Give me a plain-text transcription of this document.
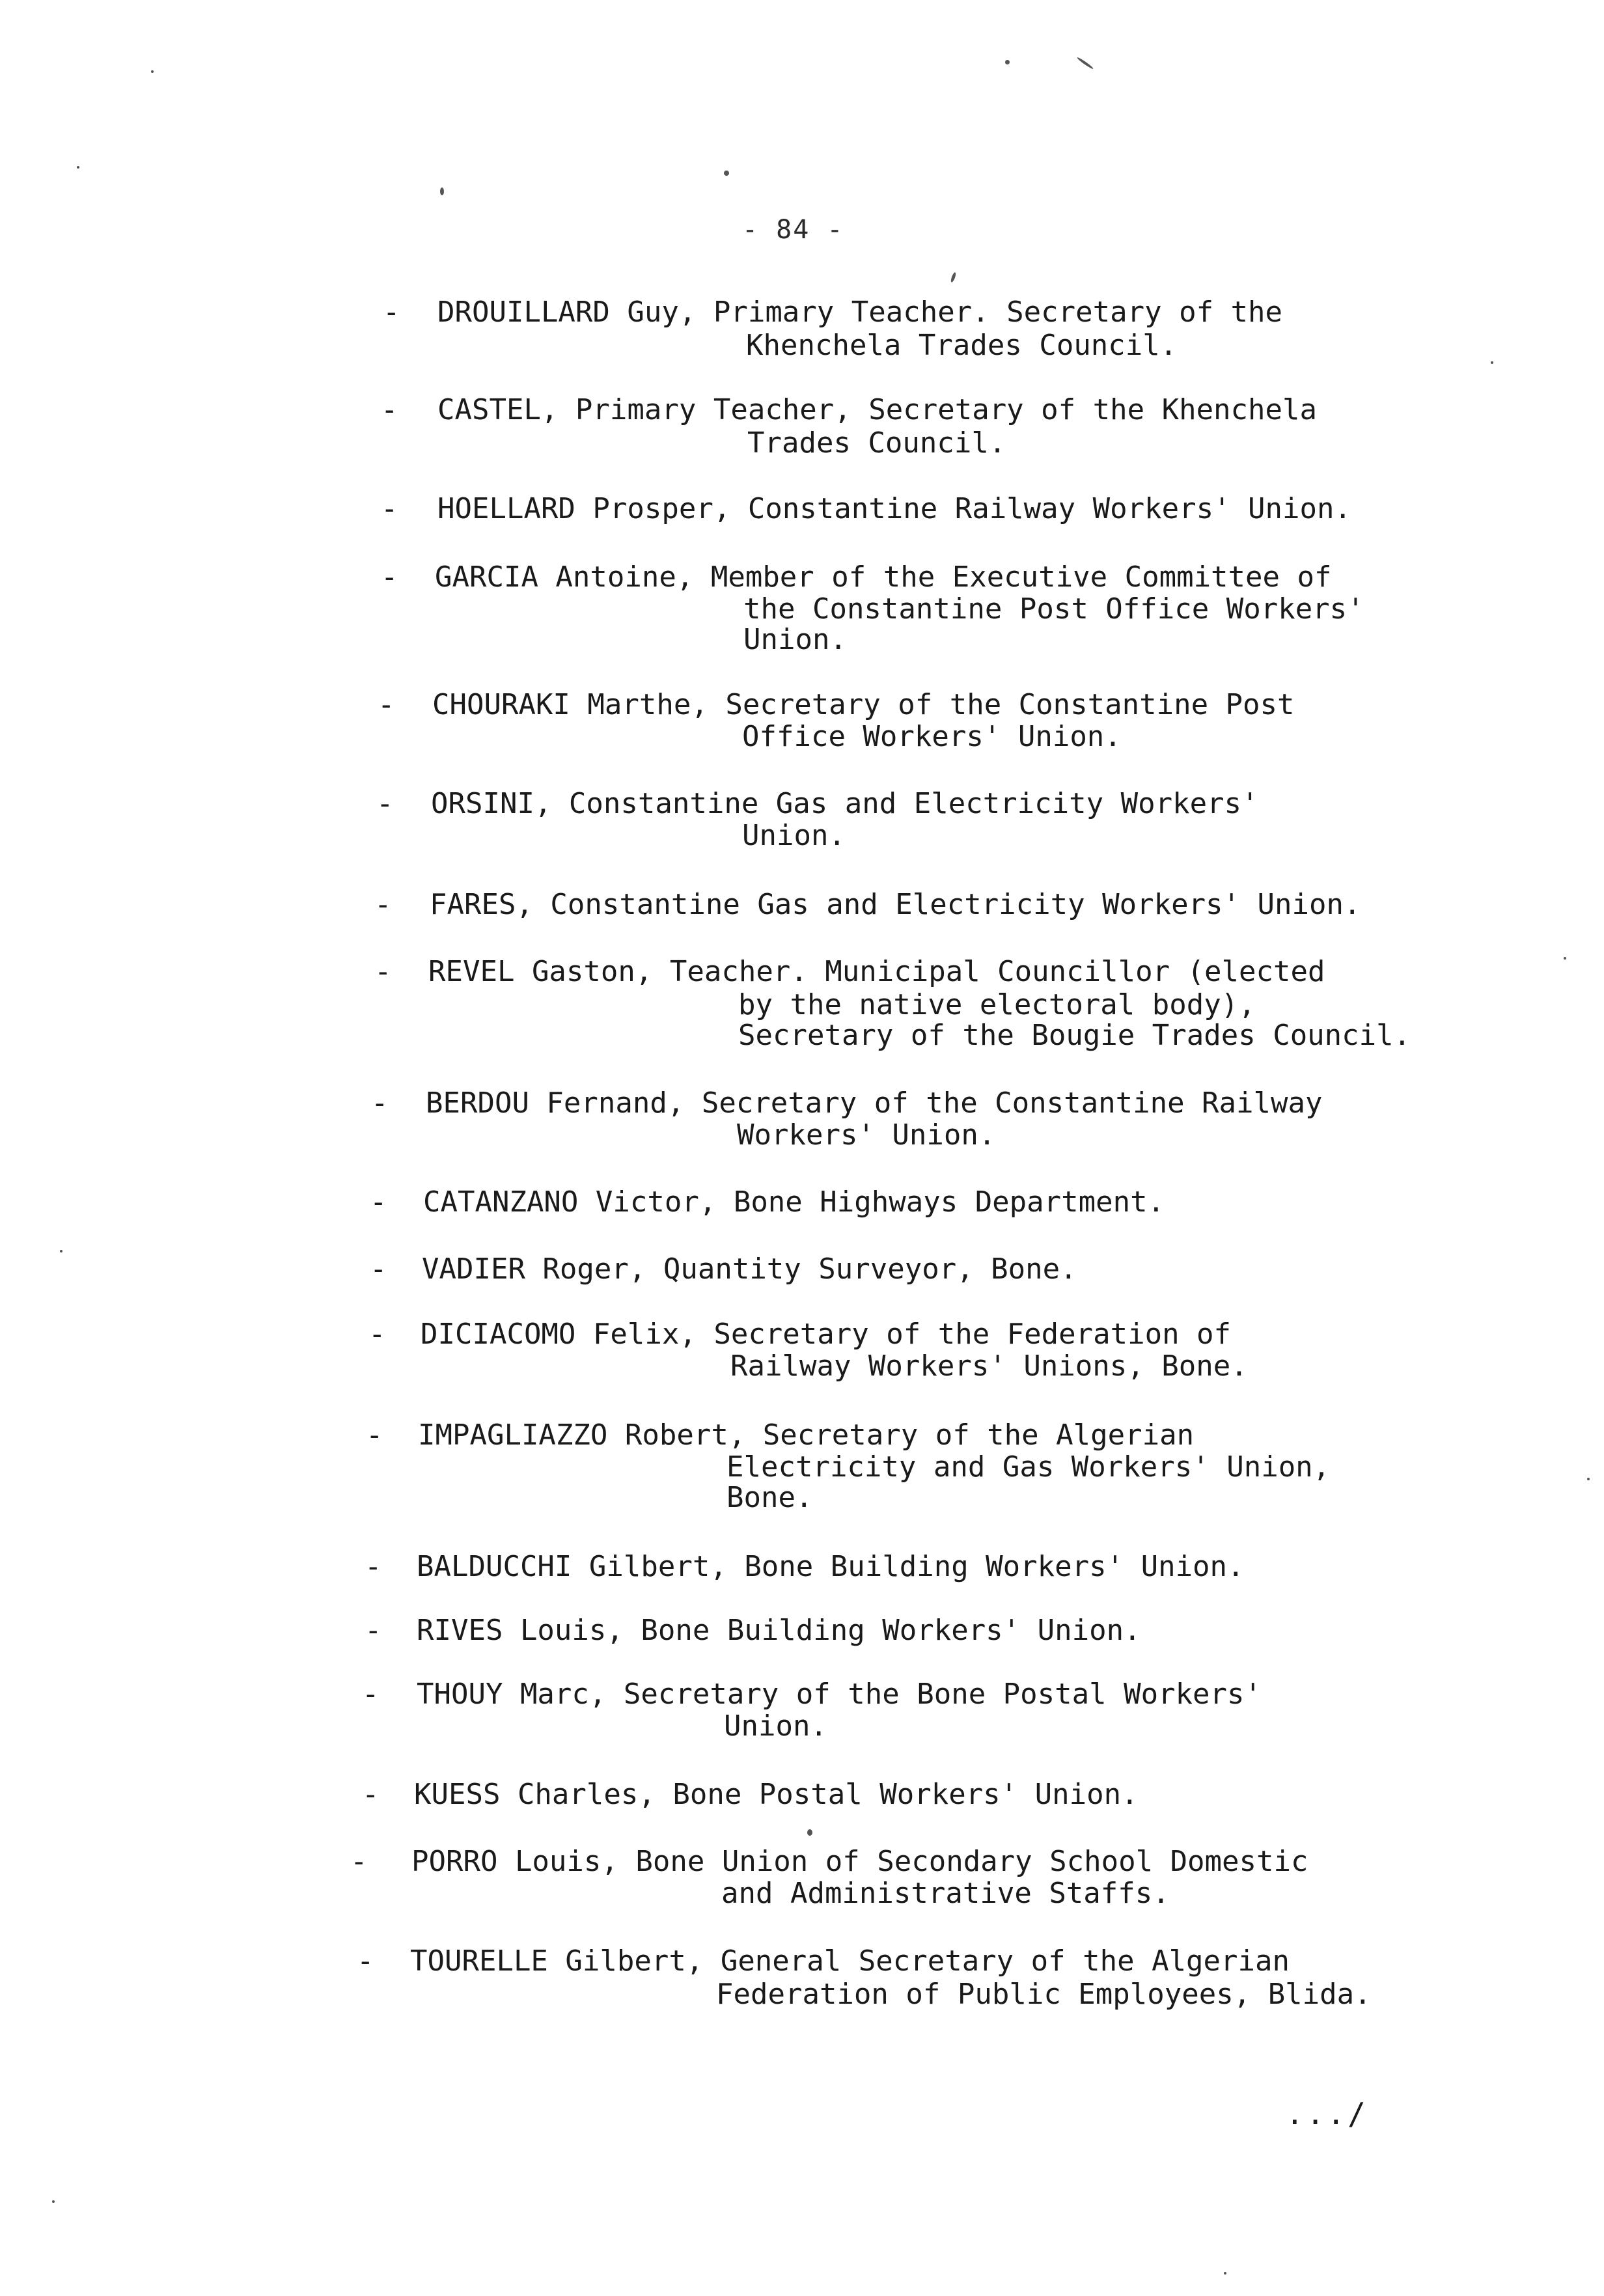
- 84 -
- DROUILLARD Guy, Primary Teacher. Secretary of the
Khenchela Trades Council.
- CASTEL, Primary Teacher, Secretary of the Khenchela
Trades Council.
- HOELLARD Prosper, Constantine Railway Workers' Union.
- GARCIA Antoine, Member of the Executive Committee of
the Constantine Post Office Workers'
Union.
- CHOURAKI Marthe, Secretary of the Constantine Post
Office Workers' Union.
- ORSINI, Constantine Gas and Electricity Workers'
Union.
- FARES, Constantine Gas and Electricity Workers' Union.
- REVEL Gaston, Teacher. Municipal Councillor (elected
by the native electoral body),
Secretary of the Bougie Trades Council.
- BERDOU Fernand, Secretary of the Constantine Railway
Workers' Union.
- CATANZANO Victor, Bone Highways Department.
- VADIER Roger, Quantity Surveyor, Bone.
- DICIACOMO Felix, Secretary of the Federation of
Railway Workers' Unions, Bone.
- IMPAGLIAZZO Robert, Secretary of the Algerian
Electricity and Gas Workers' Union,
Bone.
- BALDUCCHI Gilbert, Bone Building Workers' Union.
- RIVES Louis, Bone Building Workers' Union.
- THOUY Marc, Secretary of the Bone Postal Workers'
Union.
- KUESS Charles, Bone Postal Workers' Union.
- PORRO Louis, Bone Union of Secondary School Domestic
and Administrative Staffs.
- TOURELLE Gilbert, General Secretary of the Algerian
Federation of Public Employees, Blida.
.../
